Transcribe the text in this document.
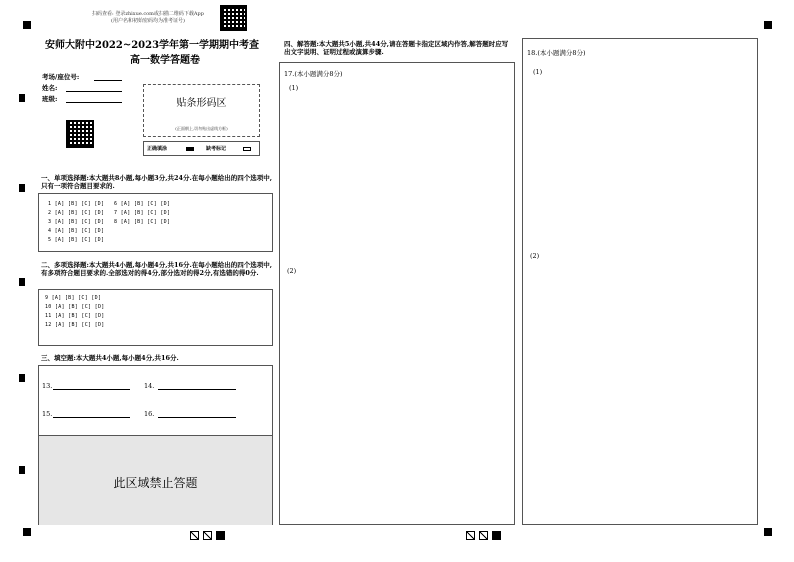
扫码查看: 登录zhixue.com或扫描二维码下载App
(用户名和初始密码均为准考证号)
安师大附中2022~2023学年第一学期期中考查
高一数学答题卷
考场/座位号:
姓名:
班级:	贴条形码区
(正面朝上,切勿贴出虚线方框)
正确填涂	缺考标记
一、单项选择题:本大题共8小题,每小题3分,共24分.在每小题给出的四个选项中,只有一项符合题目要求的.
1 [A] [B] [C] [D]
2 [A] [B] [C] [D]
3 [A] [B] [C] [D]
4 [A] [B] [C] [D]
5 [A] [B] [C] [D]
6 [A] [B] [C] [D]
7 [A] [B] [C] [D]
8 [A] [B] [C] [D]
二、多项选择题:本大题共4小题,每小题4分,共16分.在每小题给出的四个选项中,有多项符合题目要求的.全部选对的得4分,部分选对的得2分,有选错的得0分.
9 [A] [B] [C] [D]
10 [A] [B] [C] [D]
11 [A] [B] [C] [D]
12 [A] [B] [C] [D]
三、填空题:本大题共4小题,每小题4分,共16分.
13.	14.
15.	16.
此区域禁止答题
四、解答题:本大题共5小题,共44分,请在答题卡指定区域内作答,解答题时应写出文字说明、证明过程或演算步骤.
17.(本小题满分8分)
(1)
(2)
18.(本小题满分8分)
(1)
(2)
